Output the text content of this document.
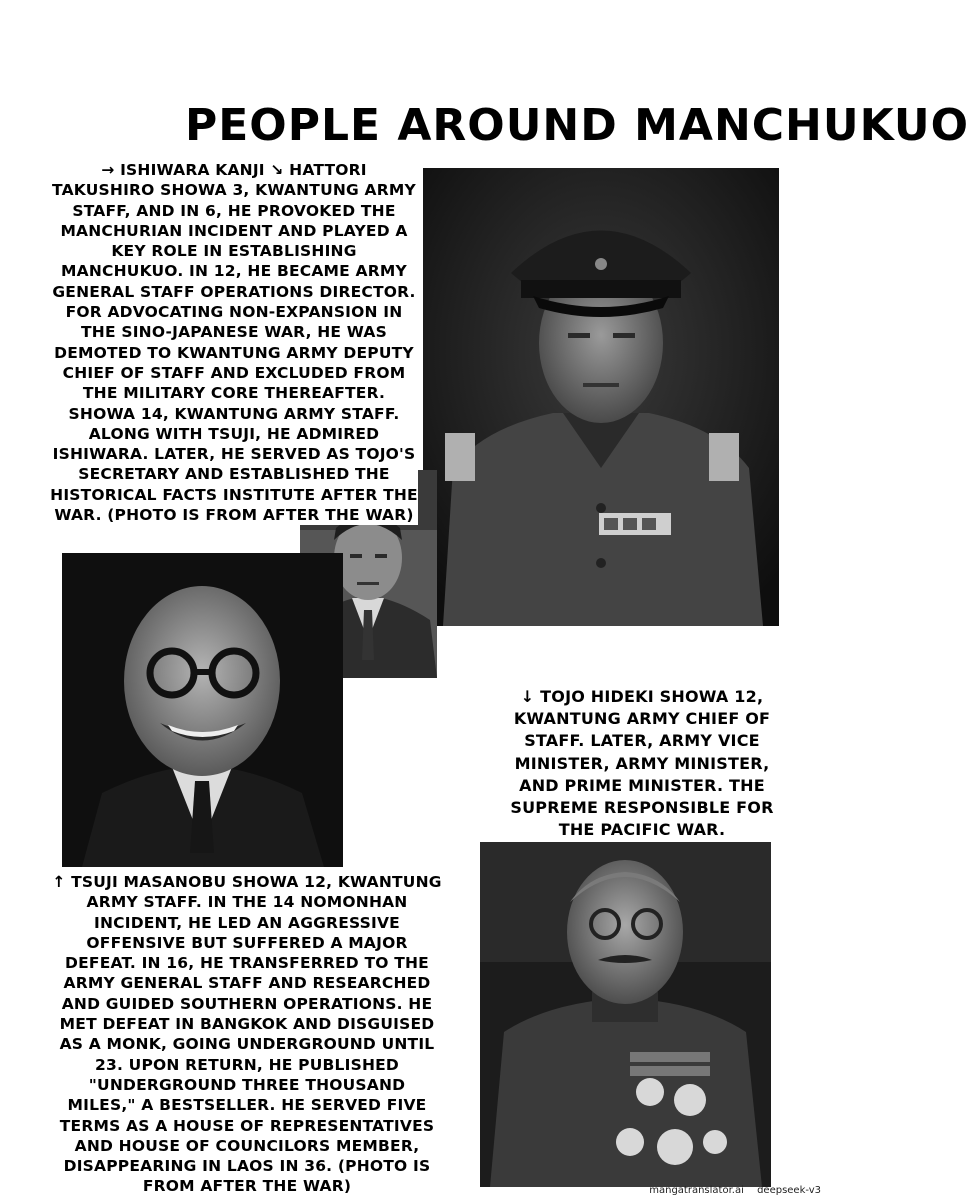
PEOPLE AROUND MANCHUKUO
→ ISHIWARA KANJI ↘ HATTORI TAKUSHIRO SHOWA 3, KWANTUNG ARMY STAFF, AND IN 6, HE PROVOKED THE MANCHURIAN INCIDENT AND PLAYED A KEY ROLE IN ESTABLISHING MANCHUKUO. IN 12, HE BECAME ARMY GENERAL STAFF OPERATIONS DIRECTOR. FOR ADVOCATING NON-EXPANSION IN THE SINO-JAPANESE WAR, HE WAS DEMOTED TO KWANTUNG ARMY DEPUTY CHIEF OF STAFF AND EXCLUDED FROM THE MILITARY CORE THEREAFTER. SHOWA 14, KWANTUNG ARMY STAFF. ALONG WITH TSUJI, HE ADMIRED ISHIWARA. LATER, HE SERVED AS TOJO'S SECRETARY AND ESTABLISHED THE HISTORICAL FACTS INSTITUTE AFTER THE WAR. (PHOTO IS FROM AFTER THE WAR)
↓ TOJO HIDEKI SHOWA 12, KWANTUNG ARMY CHIEF OF STAFF. LATER, ARMY VICE MINISTER, ARMY MINISTER, AND PRIME MINISTER. THE SUPREME RESPONSIBLE FOR THE PACIFIC WAR.
↑ TSUJI MASANOBU SHOWA 12, KWANTUNG ARMY STAFF. IN THE 14 NOMONHAN INCIDENT, HE LED AN AGGRESSIVE OFFENSIVE BUT SUFFERED A MAJOR DEFEAT. IN 16, HE TRANSFERRED TO THE ARMY GENERAL STAFF AND RESEARCHED AND GUIDED SOUTHERN OPERATIONS. HE MET DEFEAT IN BANGKOK AND DISGUISED AS A MONK, GOING UNDERGROUND UNTIL 23. UPON RETURN, HE PUBLISHED "UNDERGROUND THREE THOUSAND MILES," A BESTSELLER. HE SERVED FIVE TERMS AS A HOUSE OF REPRESENTATIVES AND HOUSE OF COUNCILORS MEMBER, DISAPPEARING IN LAOS IN 36. (PHOTO IS FROM AFTER THE WAR)	mangatranslator.ai deepseek-v3
